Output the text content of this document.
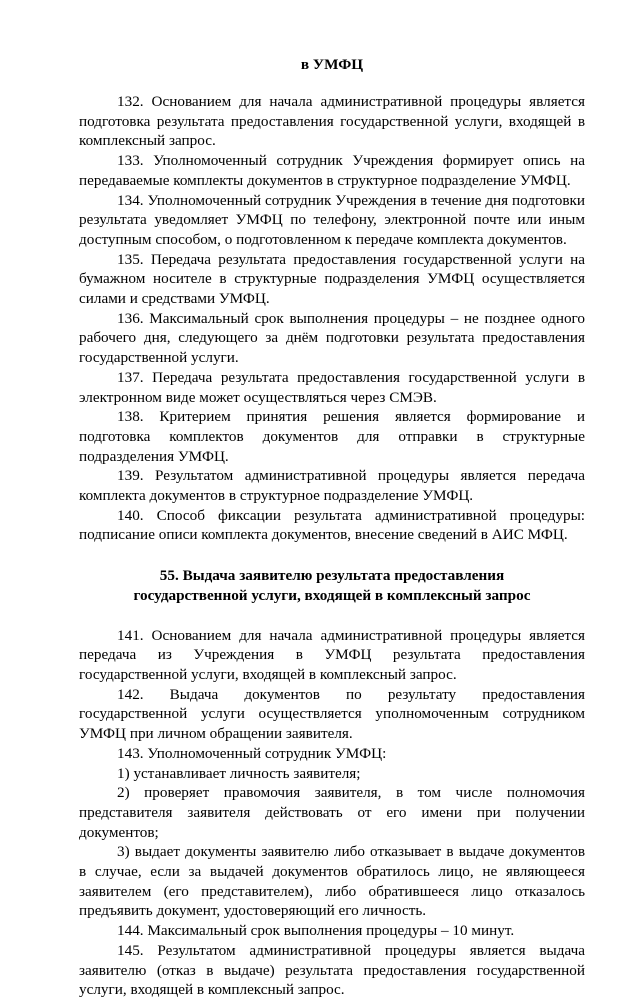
в УМФЦ

132. Основанием для начала административной процедуры является подготовка результата предоставления государственной услуги, входящей в комплексный запрос.

133. Уполномоченный сотрудник Учреждения формирует опись на передаваемые комплекты документов в структурное подразделение УМФЦ.

134. Уполномоченный сотрудник Учреждения в течение дня подготовки результата уведомляет УМФЦ по телефону, электронной почте или иным доступным способом, о подготовленном к передаче комплекта документов.

135. Передача результата предоставления государственной услуги на бумажном носителе в структурные подразделения УМФЦ осуществляется силами и средствами УМФЦ.

136. Максимальный срок выполнения процедуры – не позднее одного рабочего дня, следующего за днём подготовки результата предоставления государственной услуги.

137. Передача результата предоставления государственной услуги в электронном виде может осуществляться через СМЭВ.

138. Критерием принятия решения является формирование и подготовка комплектов документов для отправки в структурные подразделения УМФЦ.

139. Результатом административной процедуры является передача комплекта документов в структурное подразделение УМФЦ.

140. Способ фиксации результата административной процедуры: подписание описи комплекта документов, внесение сведений в АИС МФЦ.

55. Выдача заявителю результата предоставления
государственной услуги, входящей в комплексный запрос

141. Основанием для начала административной процедуры является передача из Учреждения в УМФЦ результата предоставления государственной услуги, входящей в комплексный запрос.

142. Выдача документов по результату предоставления государственной услуги осуществляется уполномоченным сотрудником УМФЦ при личном обращении заявителя.

143. Уполномоченный сотрудник УМФЦ:

1) устанавливает личность заявителя;

2) проверяет правомочия заявителя, в том числе полномочия представителя заявителя действовать от его имени при получении документов;

3) выдает документы заявителю либо отказывает в выдаче документов в случае, если за выдачей документов обратилось лицо, не являющееся заявителем (его представителем), либо обратившееся лицо отказалось предъявить документ, удостоверяющий его личность.

144. Максимальный срок выполнения процедуры – 10 минут.

145. Результатом административной процедуры является выдача заявителю (отказ в выдаче) результата предоставления государственной услуги, входящей в комплексный запрос.
